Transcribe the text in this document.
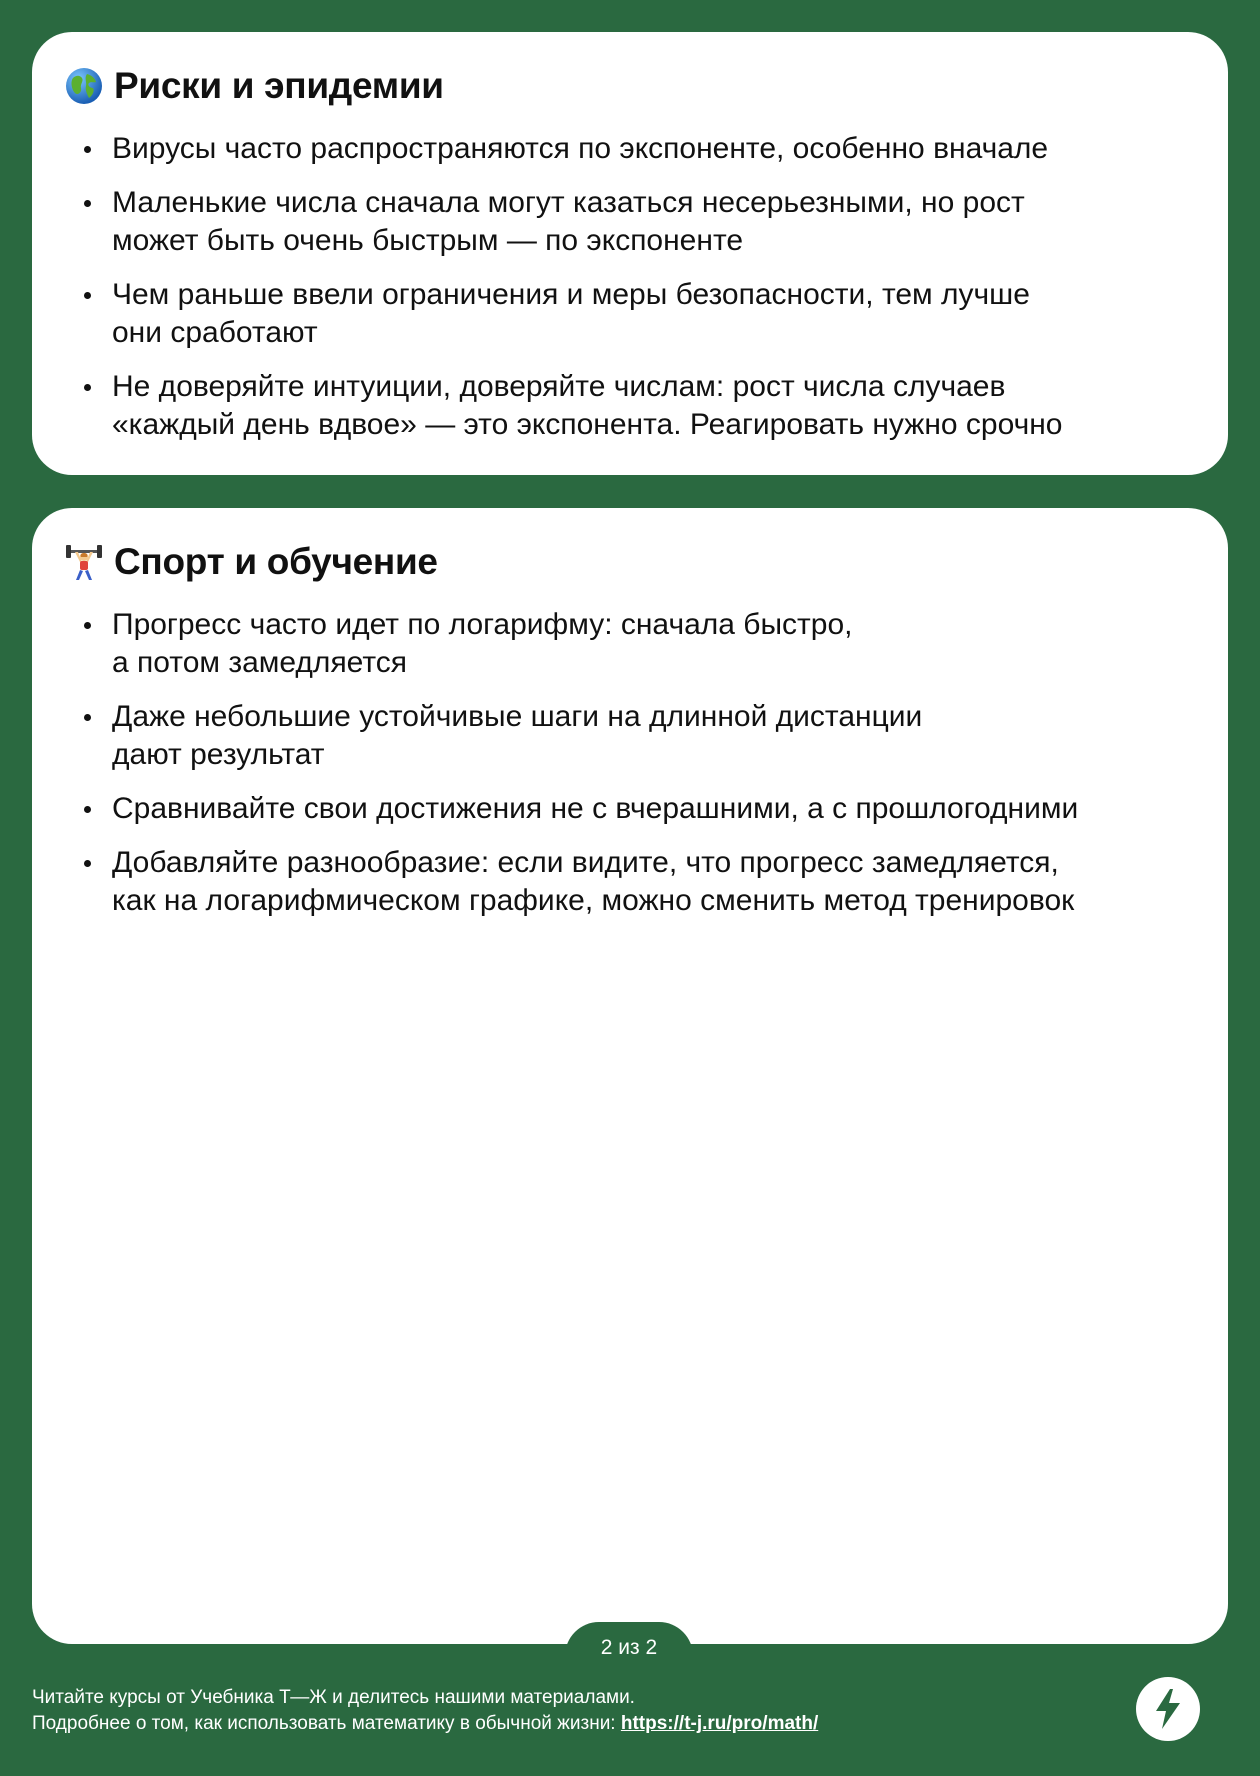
Риски и эпидемии
Вирусы часто распространяются по экспоненте, особенно вначале
Маленькие числа сначала могут казаться несерьезными, но рост
может быть очень быстрым — по экспоненте
Чем раньше ввели ограничения и меры безопасности, тем лучше
они сработают
Не доверяйте интуиции, доверяйте числам: рост числа случаев
«каждый день вдвое» — это экспонента. Реагировать нужно срочно
Спорт и обучение
Прогресс часто идет по логарифму: сначала быстро,
а потом замедляется
Даже небольшие устойчивые шаги на длинной дистанции
дают результат
Сравнивайте свои достижения не с вчерашними, а с прошлогодними
Добавляйте разнообразие: если видите, что прогресс замедляется,
как на логарифмическом графике, можно сменить метод тренировок
2 из 2
Читайте курсы от Учебника Т—Ж и делитесь нашими материалами.
Подробнее о том, как использовать математику в обычной жизни: https://t-j.ru/pro/math/
